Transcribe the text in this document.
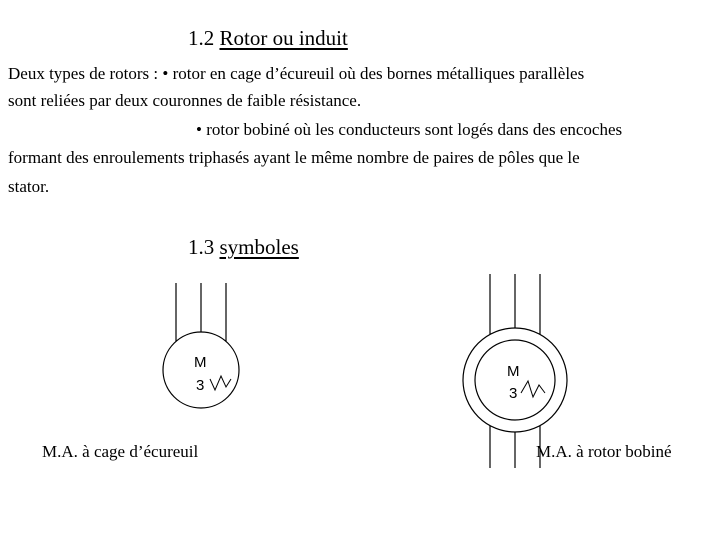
1.2 Rotor ou induit
Deux types de rotors : • rotor en cage d’écureuil où des bornes métalliques parallèles
sont reliées par deux couronnes de faible résistance.
• rotor bobiné où les conducteurs sont logés dans des encoches
formant des enroulements triphasés ayant le même nombre de paires de pôles que le
stator.
1.3 symboles
M
3
M
3
M.A. à cage d’écureuil	M.A. à rotor bobiné
